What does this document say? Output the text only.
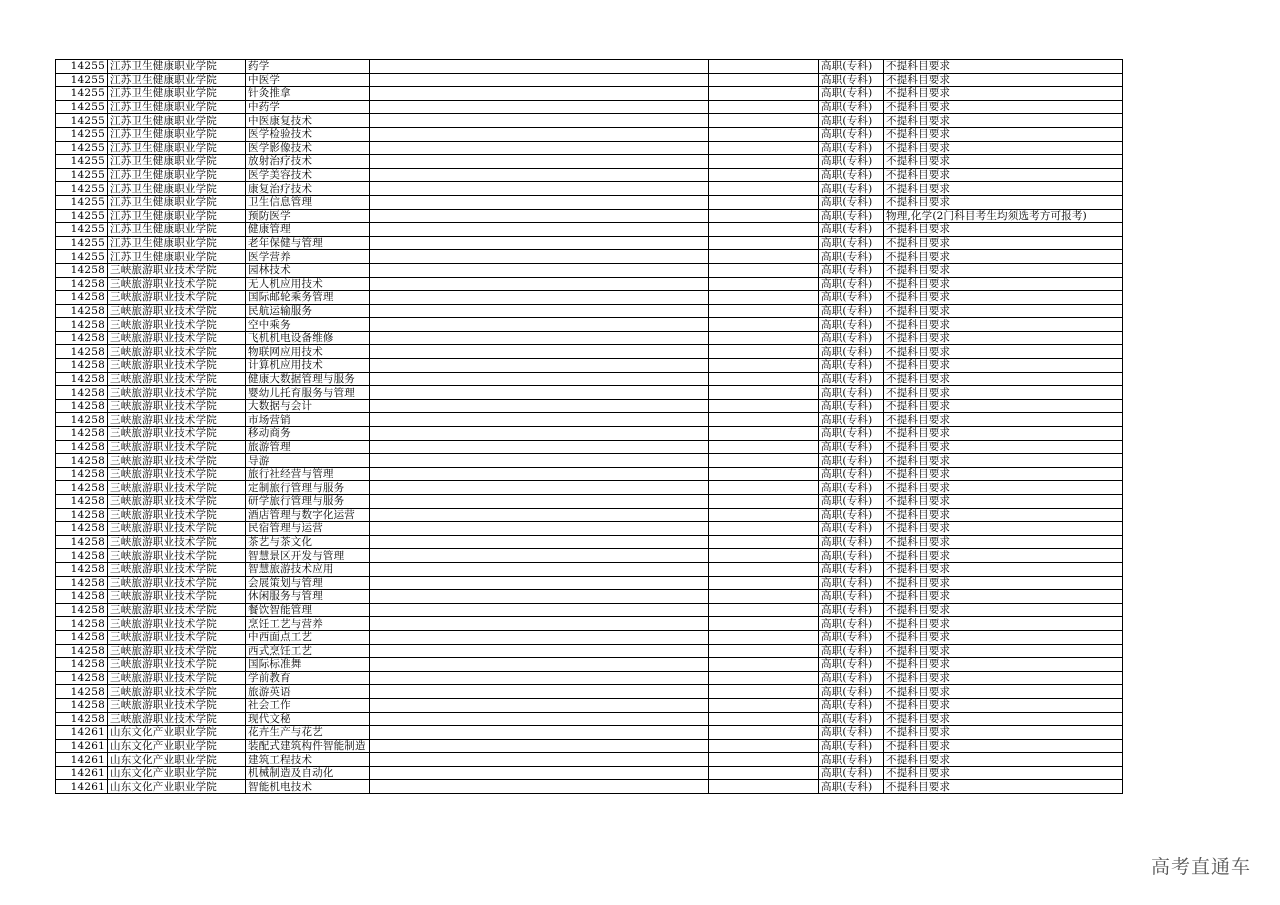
14255	江苏卫生健康职业学院	药学			高职(专科)	不提科目要求
14255	江苏卫生健康职业学院	中医学			高职(专科)	不提科目要求
14255	江苏卫生健康职业学院	针灸推拿			高职(专科)	不提科目要求
14255	江苏卫生健康职业学院	中药学			高职(专科)	不提科目要求
14255	江苏卫生健康职业学院	中医康复技术			高职(专科)	不提科目要求
14255	江苏卫生健康职业学院	医学检验技术			高职(专科)	不提科目要求
14255	江苏卫生健康职业学院	医学影像技术			高职(专科)	不提科目要求
14255	江苏卫生健康职业学院	放射治疗技术			高职(专科)	不提科目要求
14255	江苏卫生健康职业学院	医学美容技术			高职(专科)	不提科目要求
14255	江苏卫生健康职业学院	康复治疗技术			高职(专科)	不提科目要求
14255	江苏卫生健康职业学院	卫生信息管理			高职(专科)	不提科目要求
14255	江苏卫生健康职业学院	预防医学			高职(专科)	物理,化学(2门科目考生均须选考方可报考)
14255	江苏卫生健康职业学院	健康管理			高职(专科)	不提科目要求
14255	江苏卫生健康职业学院	老年保健与管理			高职(专科)	不提科目要求
14255	江苏卫生健康职业学院	医学营养			高职(专科)	不提科目要求
14258	三峡旅游职业技术学院	园林技术			高职(专科)	不提科目要求
14258	三峡旅游职业技术学院	无人机应用技术			高职(专科)	不提科目要求
14258	三峡旅游职业技术学院	国际邮轮乘务管理			高职(专科)	不提科目要求
14258	三峡旅游职业技术学院	民航运输服务			高职(专科)	不提科目要求
14258	三峡旅游职业技术学院	空中乘务			高职(专科)	不提科目要求
14258	三峡旅游职业技术学院	飞机机电设备维修			高职(专科)	不提科目要求
14258	三峡旅游职业技术学院	物联网应用技术			高职(专科)	不提科目要求
14258	三峡旅游职业技术学院	计算机应用技术			高职(专科)	不提科目要求
14258	三峡旅游职业技术学院	健康大数据管理与服务			高职(专科)	不提科目要求
14258	三峡旅游职业技术学院	婴幼儿托育服务与管理			高职(专科)	不提科目要求
14258	三峡旅游职业技术学院	大数据与会计			高职(专科)	不提科目要求
14258	三峡旅游职业技术学院	市场营销			高职(专科)	不提科目要求
14258	三峡旅游职业技术学院	移动商务			高职(专科)	不提科目要求
14258	三峡旅游职业技术学院	旅游管理			高职(专科)	不提科目要求
14258	三峡旅游职业技术学院	导游			高职(专科)	不提科目要求
14258	三峡旅游职业技术学院	旅行社经营与管理			高职(专科)	不提科目要求
14258	三峡旅游职业技术学院	定制旅行管理与服务			高职(专科)	不提科目要求
14258	三峡旅游职业技术学院	研学旅行管理与服务			高职(专科)	不提科目要求
14258	三峡旅游职业技术学院	酒店管理与数字化运营			高职(专科)	不提科目要求
14258	三峡旅游职业技术学院	民宿管理与运营			高职(专科)	不提科目要求
14258	三峡旅游职业技术学院	茶艺与茶文化			高职(专科)	不提科目要求
14258	三峡旅游职业技术学院	智慧景区开发与管理			高职(专科)	不提科目要求
14258	三峡旅游职业技术学院	智慧旅游技术应用			高职(专科)	不提科目要求
14258	三峡旅游职业技术学院	会展策划与管理			高职(专科)	不提科目要求
14258	三峡旅游职业技术学院	休闲服务与管理			高职(专科)	不提科目要求
14258	三峡旅游职业技术学院	餐饮智能管理			高职(专科)	不提科目要求
14258	三峡旅游职业技术学院	烹饪工艺与营养			高职(专科)	不提科目要求
14258	三峡旅游职业技术学院	中西面点工艺			高职(专科)	不提科目要求
14258	三峡旅游职业技术学院	西式烹饪工艺			高职(专科)	不提科目要求
14258	三峡旅游职业技术学院	国际标准舞			高职(专科)	不提科目要求
14258	三峡旅游职业技术学院	学前教育			高职(专科)	不提科目要求
14258	三峡旅游职业技术学院	旅游英语			高职(专科)	不提科目要求
14258	三峡旅游职业技术学院	社会工作			高职(专科)	不提科目要求
14258	三峡旅游职业技术学院	现代文秘			高职(专科)	不提科目要求
14261	山东文化产业职业学院	花卉生产与花艺			高职(专科)	不提科目要求
14261	山东文化产业职业学院	装配式建筑构件智能制造			高职(专科)	不提科目要求
14261	山东文化产业职业学院	建筑工程技术			高职(专科)	不提科目要求
14261	山东文化产业职业学院	机械制造及自动化			高职(专科)	不提科目要求
14261	山东文化产业职业学院	智能机电技术			高职(专科)	不提科目要求
高考直通车
